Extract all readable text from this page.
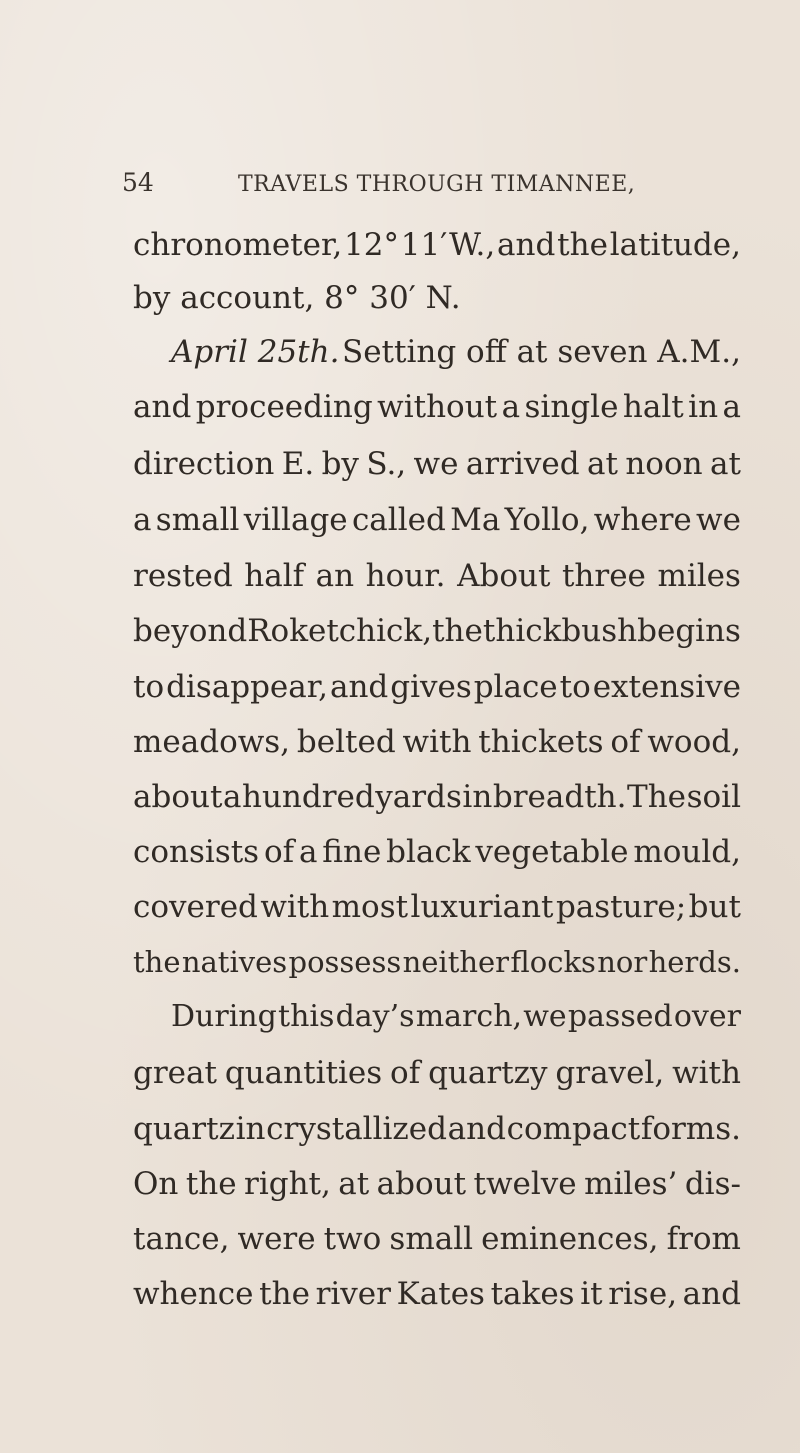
54	TRAVELS THROUGH TIMANNEE,
chronometer, 12° 11′ W., and the latitude,
by account, 8° 30′ N.
April 25th. Setting off at seven A.M.,
and proceeding without a single halt in a
direction E. by S., we arrived at noon at
a small village called Ma Yollo, where we
rested half an hour. About three miles
beyond Roketchick, the thick bush begins
to disappear, and gives place to extensive
meadows, belted with thickets of wood,
about a hundred yards in breadth. The soil
consists of a fine black vegetable mould,
covered with most luxuriant pasture; but
the natives possess neither flocks nor herds.
During this day’s march, we passed over
great quantities of quartzy gravel, with
quartz in crystallized and compact forms.
On the right, at about twelve miles’ dis-
tance, were two small eminences, from
whence the river Kates takes it rise, and
